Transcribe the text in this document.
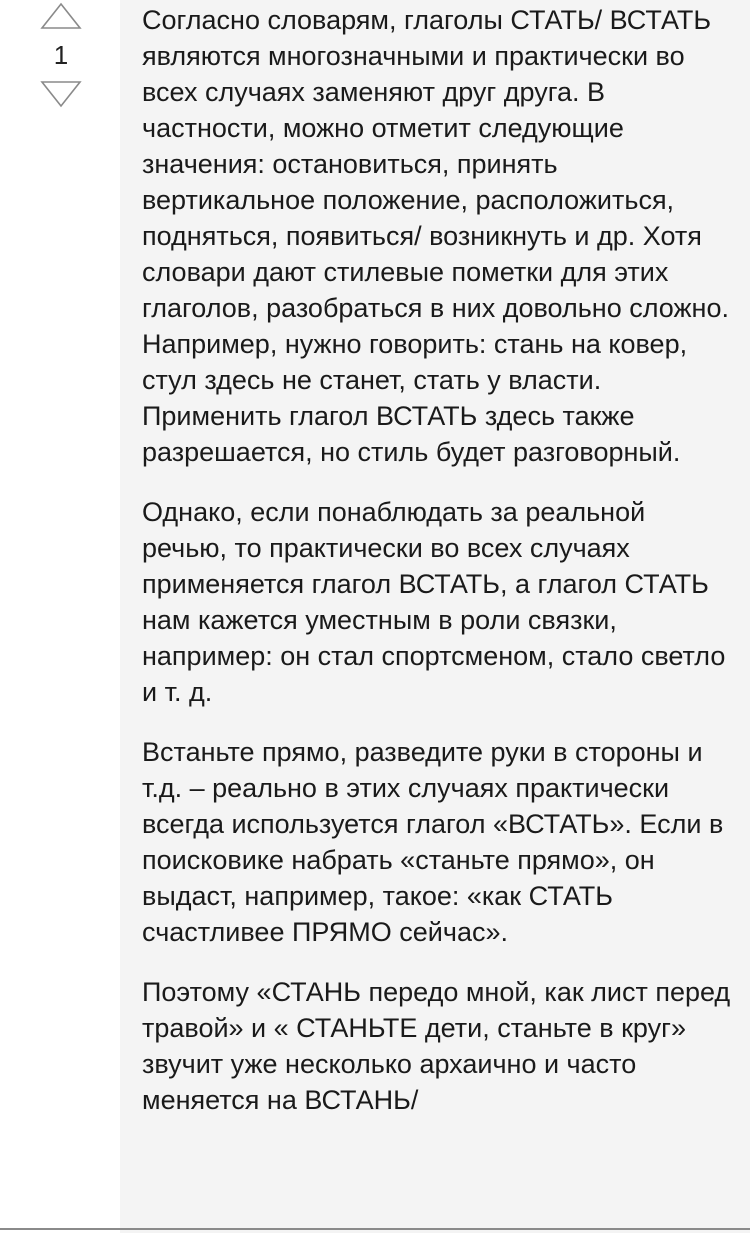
1

Согласно словарям, глаголы СТАТЬ/ ВСТАТЬ являются многозначными и практически во всех случаях заменяют друг друга. В частности, можно отметит следующие значения: остановиться, принять вертикальное положение, расположиться, подняться, появиться/ возникнуть и др. Хотя словари дают стилевые пометки для этих глаголов, разобраться в них довольно сложно. Например, нужно говорить: стань на ковер, стул здесь не станет, стать у власти. Применить глагол ВСТАТЬ здесь также разрешается, но стиль будет разговорный.

Однако, если понаблюдать за реальной речью, то практически во всех случаях применяется глагол ВСТАТЬ, а глагол СТАТЬ нам кажется уместным в роли связки, например: он стал спортсменом, стало светло и т. д.

Встаньте прямо, разведите руки в стороны и т.д. – реально в этих случаях практически всегда используется глагол «ВСТАТЬ». Если в поисковике набрать «станьте прямо», он выдаст, например, такое: «как СТАТЬ счастливее ПРЯМО сейчас».

Поэтому «СТАНЬ передо мной, как лист перед травой» и « СТАНЬТЕ дети, станьте в круг» звучит уже несколько архаично и часто меняется на ВСТАНЬ/
